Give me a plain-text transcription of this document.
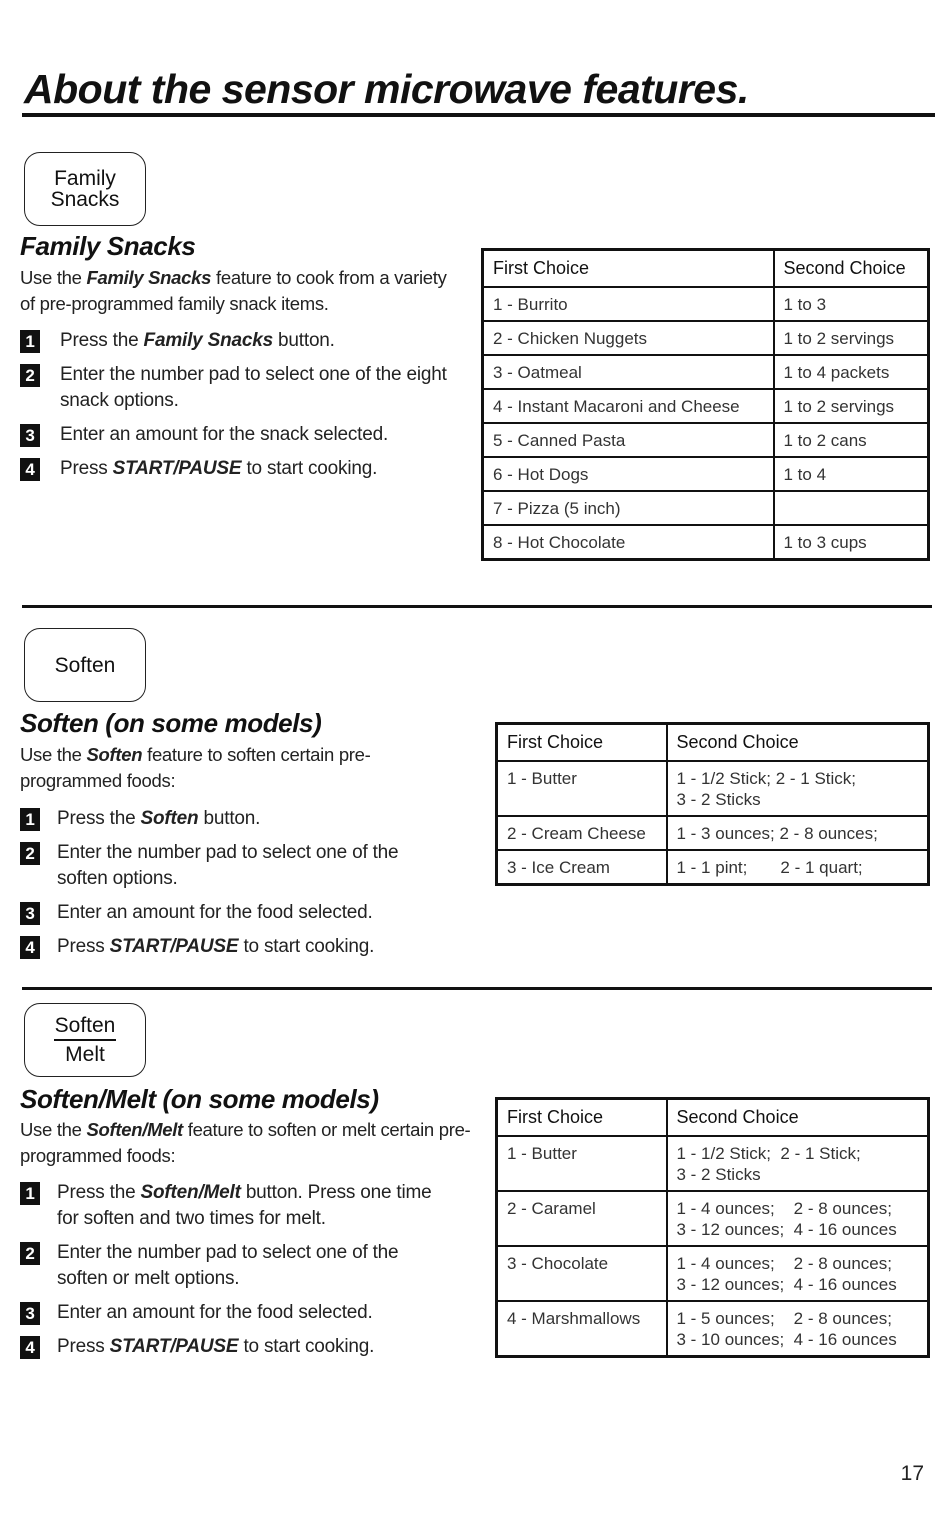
About the sensor microwave features.
Family
Snacks
Family Snacks

Use the Family Snacks feature to cook from a variety of pre-programmed family snack items.

1	Press the Family Snacks button.
2	Enter the number pad to select one of the eight snack options.
3	Enter an amount for the snack selected.
4	Press START/PAUSE to start cooking.
First Choice	Second Choice
1 - Burrito	1 to 3
2 - Chicken Nuggets	1 to 2 servings
3 - Oatmeal	1 to 4 packets
4 - Instant Macaroni and Cheese	1 to 2 servings
5 - Canned Pasta	1 to 2 cans
6 - Hot Dogs	1 to 4
7 - Pizza (5 inch)	
8 - Hot Chocolate	1 to 3 cups
Soften
Soften (on some models)

Use the Soften feature to soften certain pre-programmed foods:

1	Press the Soften button.
2	Enter the number pad to select one of the soften options.
3	Enter an amount for the food selected.
4	Press START/PAUSE to start cooking.
First Choice	Second Choice
1 - Butter	1 - 1/2 Stick; 2 - 1 Stick;
3 - 2 Sticks

2 - Cream Cheese	1 - 3 ounces; 2 - 8 ounces;
3 - Ice Cream	1 - 1 pint;       2 - 1 quart;
Soften
Melt
Soften/Melt (on some models)

Use the Soften/Melt feature to soften or melt certain pre-programmed foods:

1	Press the Soften/Melt button. Press one time for soften and two times for melt.
2	Enter the number pad to select one of the soften or melt options.
3	Enter an amount for the food selected.
4	Press START/PAUSE to start cooking.
First Choice	Second Choice
1 - Butter	1 - 1/2 Stick;  2 - 1 Stick;
3 - 2 Sticks

2 - Caramel	1 - 4 ounces;    2 - 8 ounces;
3 - 12 ounces;  4 - 16 ounces

3 - Chocolate	1 - 4 ounces;    2 - 8 ounces;
3 - 12 ounces;  4 - 16 ounces

4 - Marshmallows	1 - 5 ounces;    2 - 8 ounces;
3 - 10 ounces;  4 - 16 ounces
17
